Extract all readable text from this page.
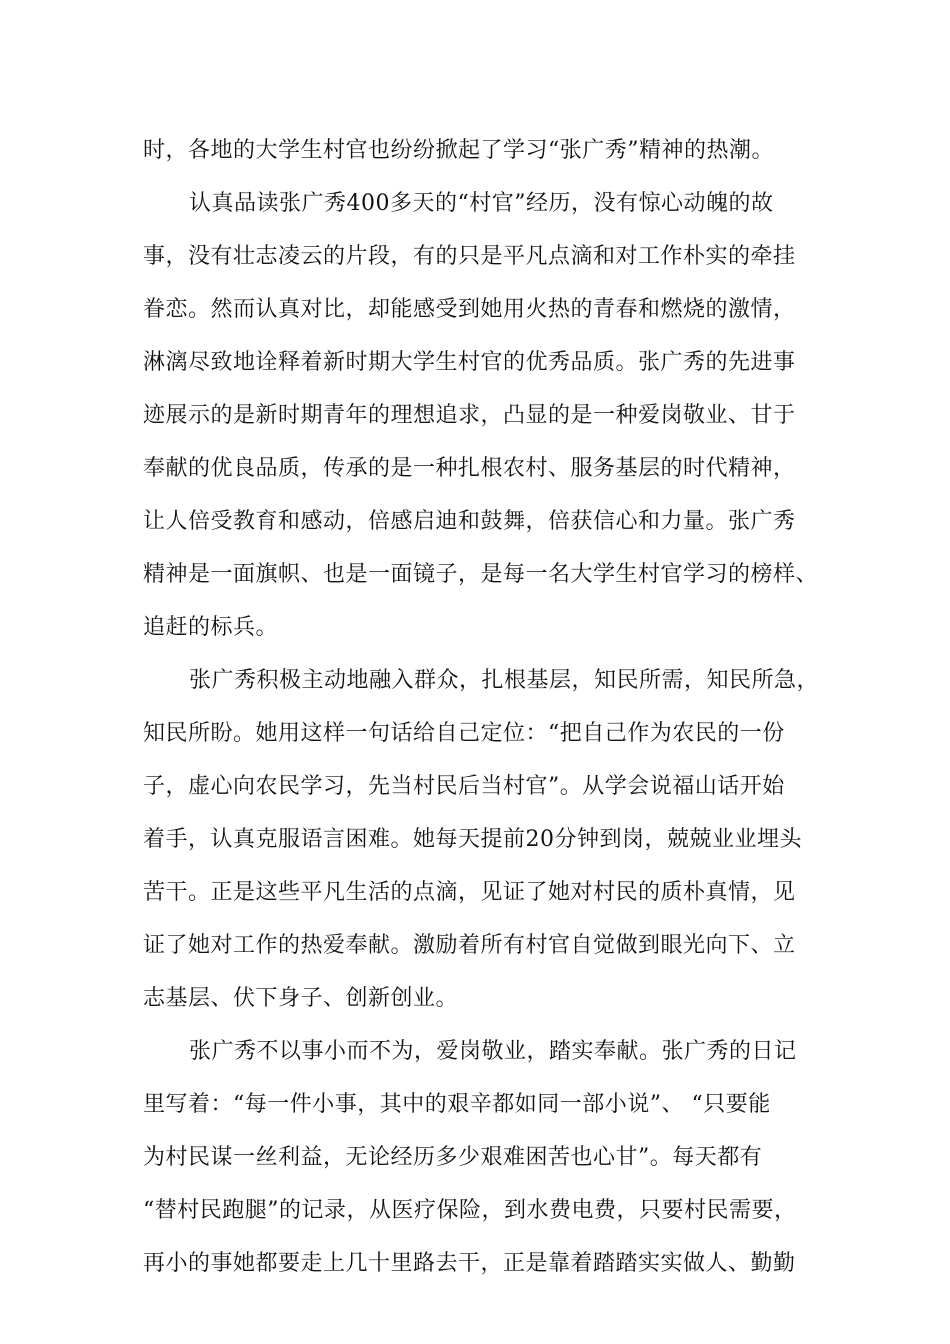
时，各地的大学生村官也纷纷掀起了学习“张广秀”精神的热潮。
认真品读张广秀400多天的“村官”经历，没有惊心动魄的故
事，没有壮志凌云的片段，有的只是平凡点滴和对工作朴实的牵挂
眷恋。然而认真对比，却能感受到她用火热的青春和燃烧的激情，
淋漓尽致地诠释着新时期大学生村官的优秀品质。张广秀的先进事
迹展示的是新时期青年的理想追求，凸显的是一种爱岗敬业、甘于
奉献的优良品质，传承的是一种扎根农村、服务基层的时代精神，
让人倍受教育和感动，倍感启迪和鼓舞，倍获信心和力量。张广秀
精神是一面旗帜、也是一面镜子，是每一名大学生村官学习的榜样、
追赶的标兵。
张广秀积极主动地融入群众，扎根基层，知民所需，知民所急，
知民所盼。她用这样一句话给自己定位：“把自己作为农民的一份
子，虚心向农民学习，先当村民后当村官”。从学会说福山话开始
着手，认真克服语言困难。她每天提前20分钟到岗，兢兢业业埋头
苦干。正是这些平凡生活的点滴，见证了她对村民的质朴真情，见
证了她对工作的热爱奉献。激励着所有村官自觉做到眼光向下、立
志基层、伏下身子、创新创业。
张广秀不以事小而不为，爱岗敬业，踏实奉献。张广秀的日记
里写着：“每一件小事，其中的艰辛都如同一部小说”、 “只要能
为村民谋一丝利益，无论经历多少艰难困苦也心甘”。每天都有
“替村民跑腿”的记录，从医疗保险，到水费电费，只要村民需要，
再小的事她都要走上几十里路去干，正是靠着踏踏实实做人、勤勤
